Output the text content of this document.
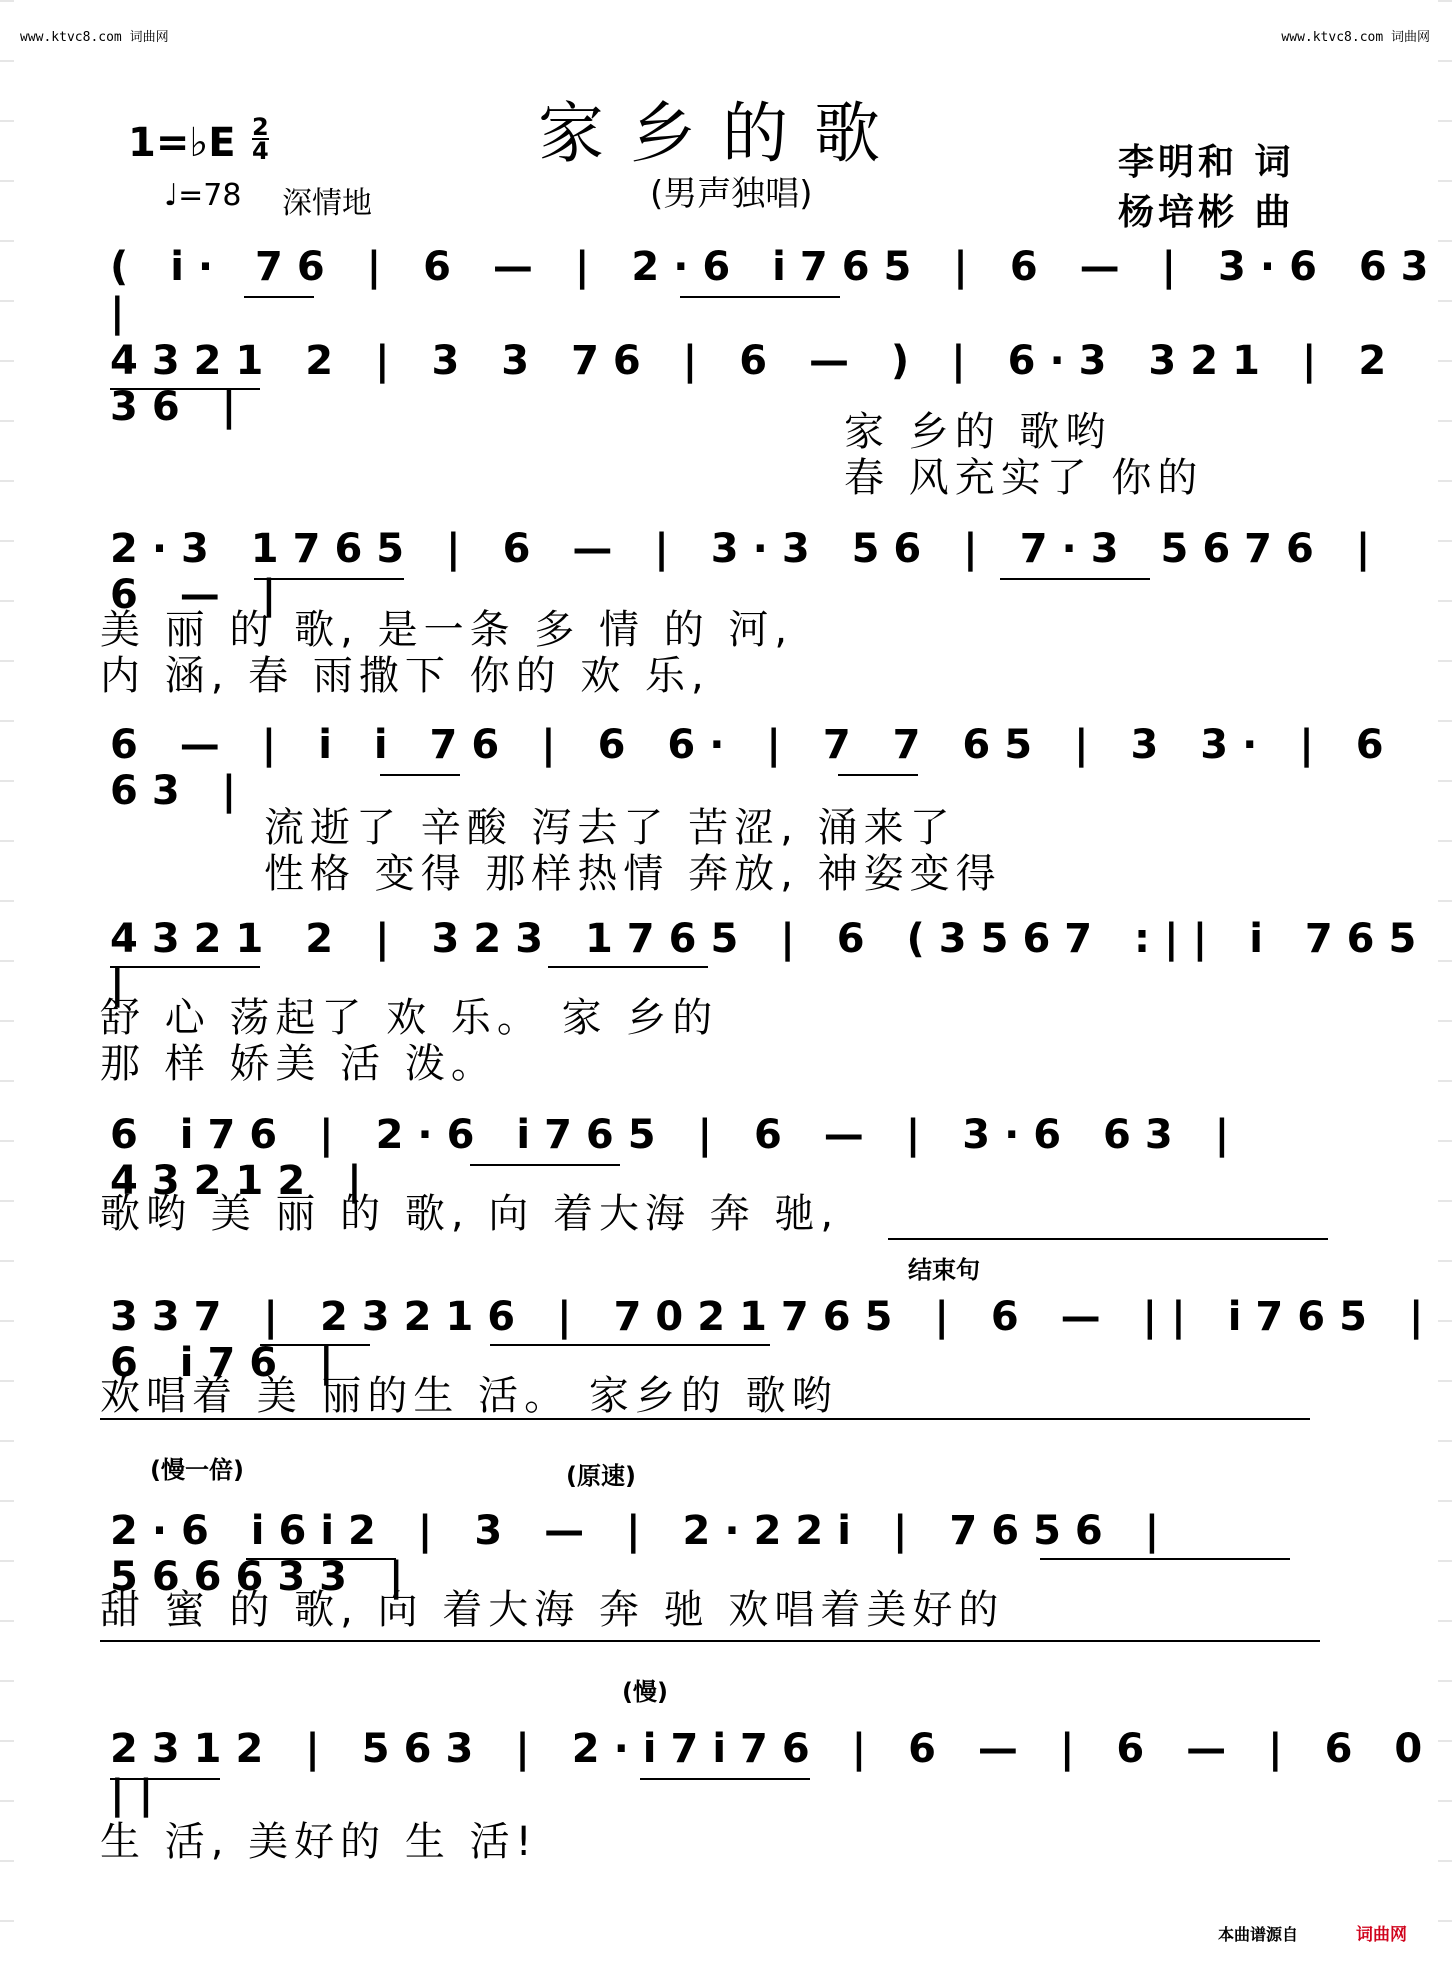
www.ktvc8.com 词曲网	www.ktvc8.com 词曲网
家乡的歌
(男声独唱)
1=♭E 2
4
♩=78 深情地
李明和 词
杨培彬 曲
( i· 76 | 6 — | 2·6 i765 | 6 — | 3·6 63 |
4321 2 | 3 3 76 | 6 — ) | 6·3 321 | 2 36 |
家 乡的 歌哟
春 风充实了 你的
2·3 1765 | 6 — | 3·3 56 | 7·3 5676 | 6 — |
美 丽 的 歌, 是一条 多 情 的 河,
内 涵, 春 雨撒下 你的 欢 乐,
6 — | i i 76 | 6 6· | 7 7 65 | 3 3· | 6 63 |
流逝了 辛酸 泻去了 苦涩, 涌来了
性格 变得 那样热情 奔放, 神姿变得
4321 2 | 323 1765 | 6 (3567 :|| i 765 |
舒 心 荡起了 欢 乐。 家 乡的
那 样 娇美 活 泼。
6 i76 | 2·6 i765 | 6 — | 3·6 63 | 43212 |
歌哟 美 丽 的 歌, 向 着大海 奔 驰,
结束句
337 | 23216 | 7021765 | 6 — || i765 | 6 i76 |
欢唱着 美 丽的生 活。 家乡的 歌哟
(慢一倍)	(原速)
2·6 i6i2 | 3 — | 2·22i | 7656 | 566633 |
甜 蜜 的 歌, 向 着大海 奔 驰 欢唱着美好的
(慢)
2312 | 563 | 2·i7i76 | 6 — | 6 — | 6 0 ||
生 活, 美好的 生 活!
本曲谱源自	词曲网
